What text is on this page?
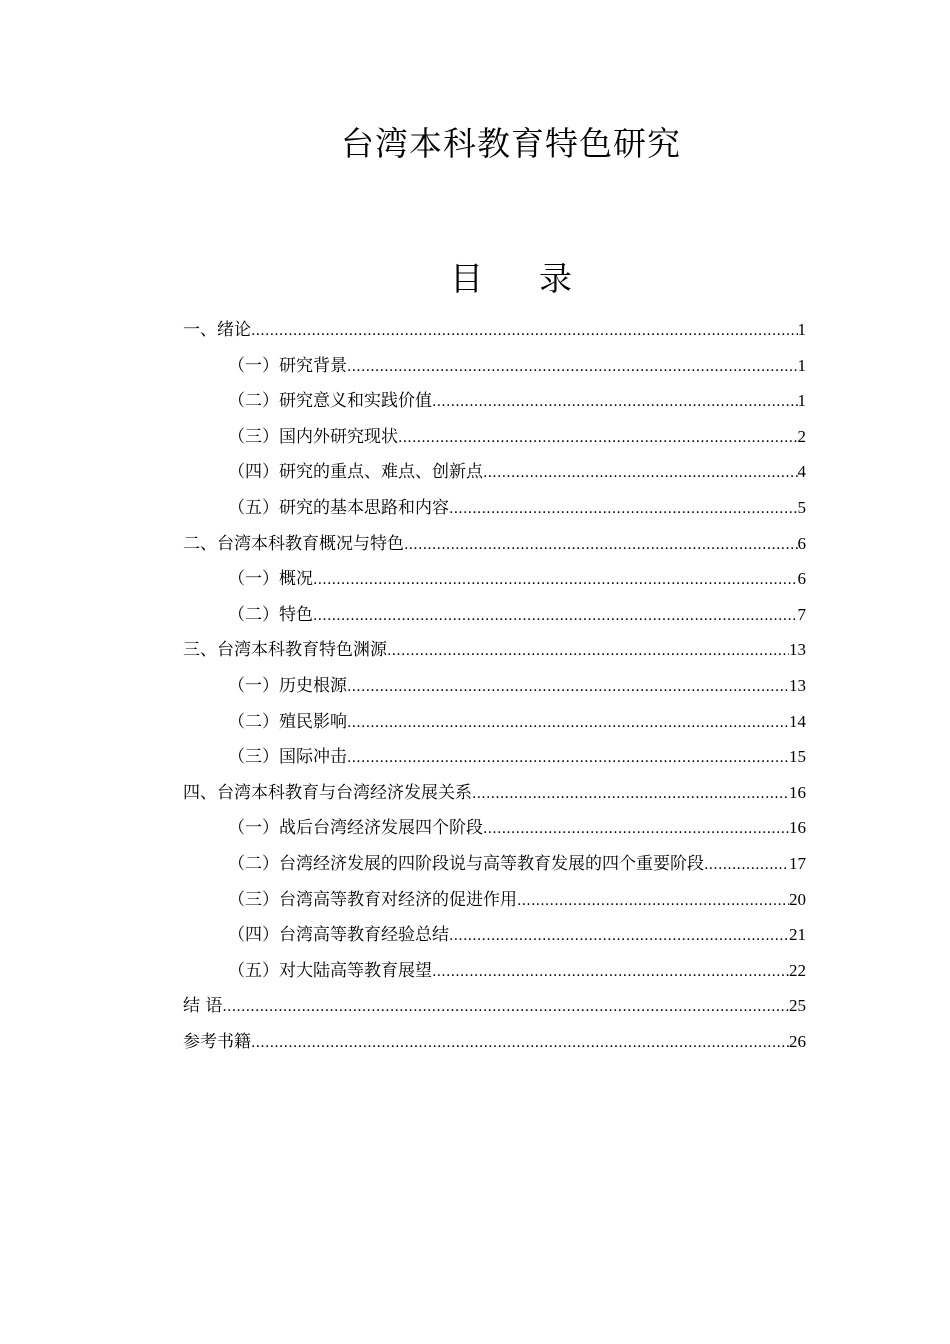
台湾本科教育特色研究
目 录
一、绪论 .....	1
（一）研究背景 .....	1
（二）研究意义和实践价值 .....	1
（三）国内外研究现状 .....	2
（四）研究的重点、难点、创新点 .....	4
（五）研究的基本思路和内容 .....	5
二、台湾本科教育概况与特色 .....	6
（一）概况 .....	6
（二）特色 .....	7
三、台湾本科教育特色渊源 .....	13
（一）历史根源 .....	13
（二）殖民影响 .....	14
（三）国际冲击 .....	15
四、台湾本科教育与台湾经济发展关系 .....	16
（一）战后台湾经济发展四个阶段 .....	16
（二）台湾经济发展的四阶段说与高等教育发展的四个重要阶段 .....	17
（三）台湾高等教育对经济的促进作用 .....	20
（四）台湾高等教育经验总结 .....	21
（五）对大陆高等教育展望 .....	22
结 语 .....	25
参考书籍 .....	26
